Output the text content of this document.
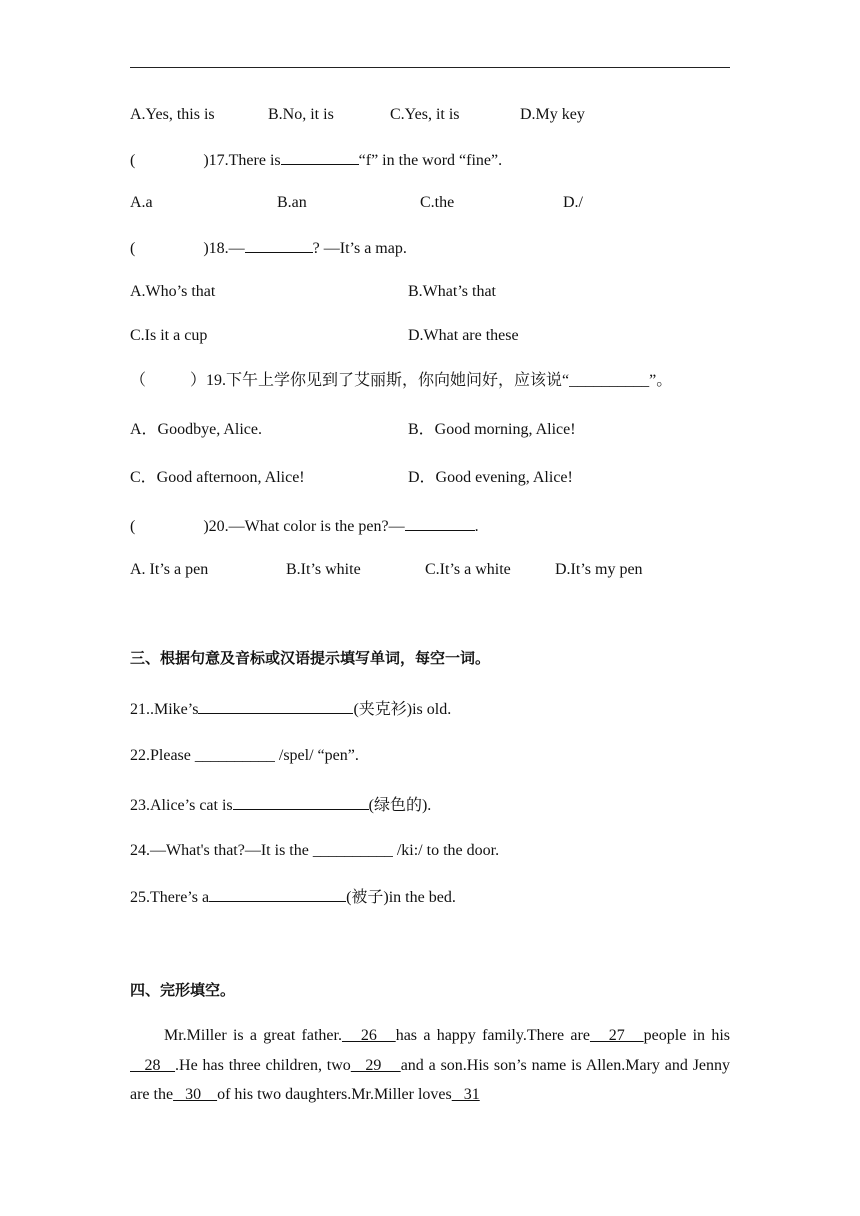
A.Yes, this is	B.No, it is	C.Yes, it is	D.My key
(	)17.There is	“f” in the word “fine”.
A.a	B.an	C.the	D./
(	)18.—	? —It’s a map.
A.Who’s that	B.What’s that
C.Is it a cup	D.What are these
（	）19.下午上学你见到了艾丽斯，你向她问好，应该说“__________”。
A．Goodbye, Alice.	B．Good morning, Alice!
C．Good afternoon, Alice!	D．Good evening, Alice!
(	)20.—What color is the pen?—	.
A. It’s a pen	B.It’s white	C.It’s a white	D.It’s my pen
三、根据句意及音标或汉语提示填写单词，每空一词。
21..Mike’s	(夹克衫)is old.
22.Please __________ /spel/ “pen”.
23.Alice’s cat is	(绿色的).
24.—What's that?—It is the __________ /ki:/ to the door.
25.There’s a	(被子)in the bed.
四、完形填空。
Mr.Miller is a great father.   26   has a happy family.There are   27   people in his   28   .He has three children, two   29    and a son.His son’s name is Allen.Mary and Jenny are the   30    of his two daughters.Mr.Miller loves   31
